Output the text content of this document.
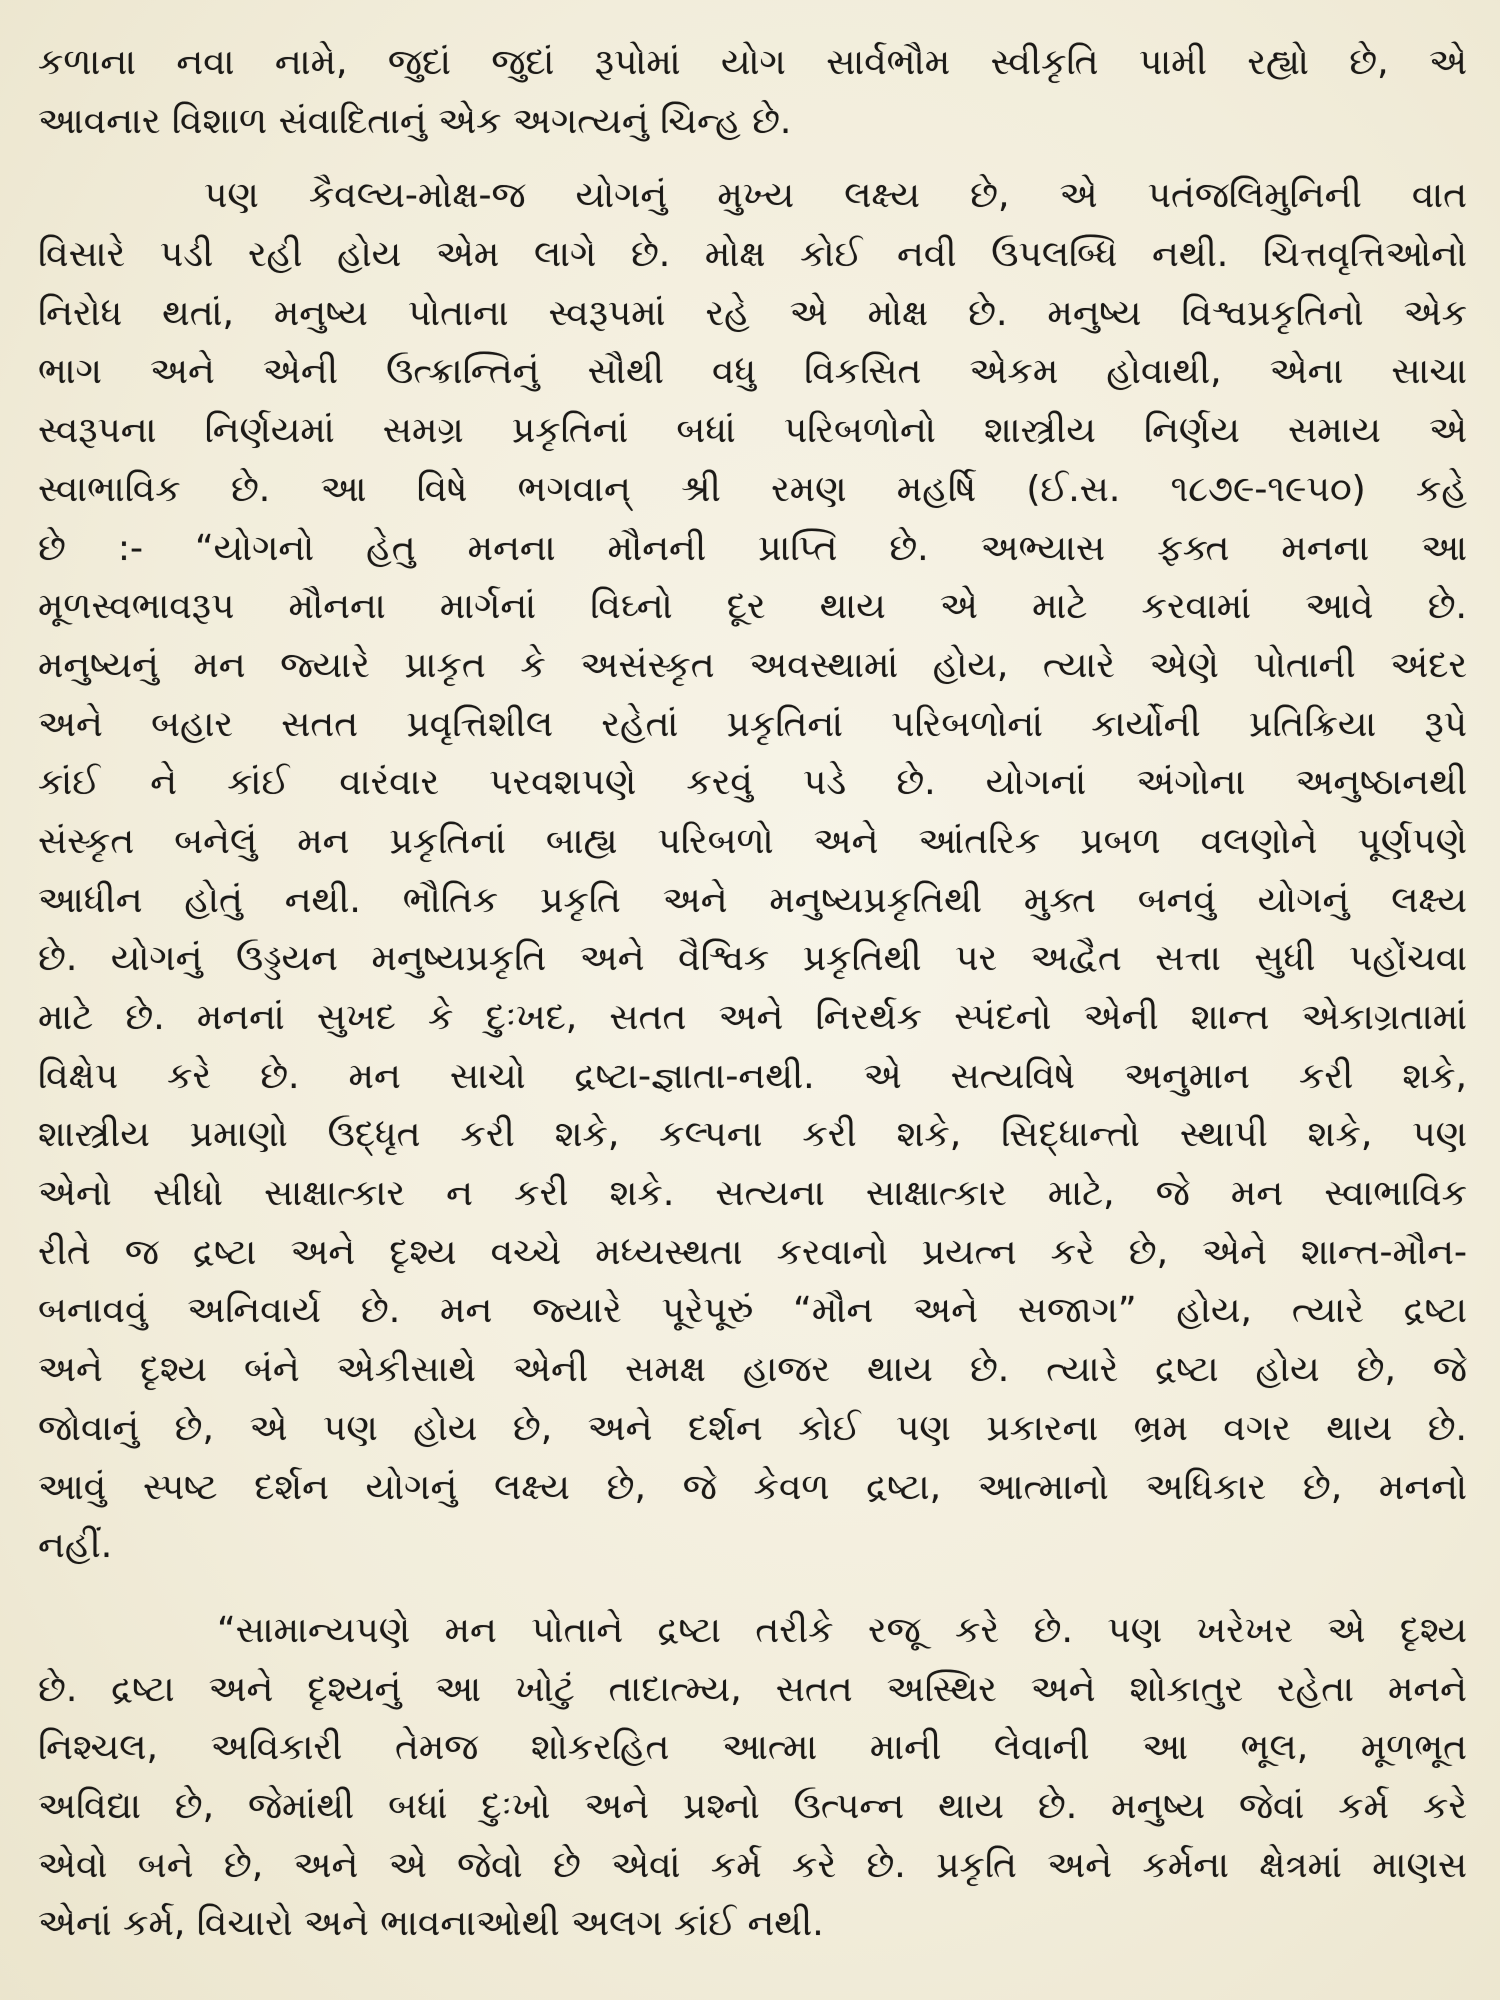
કળાના નવા નામે, જુદાં જુદાં રૂપોમાં યોગ સાર્વભૌમ સ્વીકૃતિ પામી રહ્યો છે, એ
આવનાર વિશાળ સંવાદિતાનું એક અગત્યનું ચિન્હ છે.
પણ કૈવલ્ય-મોક્ષ-જ યોગનું મુખ્ય લક્ષ્ય છે, એ પતંજલિમુનિની વાત
વિસારે પડી રહી હોય એમ લાગે છે. મોક્ષ કોઈ નવી ઉપલબ્ધિ નથી. ચિત્તવૃત્તિઓનો
નિરોધ થતાં, મનુષ્ય પોતાના સ્વરૂપમાં રહે એ મોક્ષ છે. મનુષ્ય વિશ્વપ્રકૃતિનો એક
ભાગ અને એની ઉત્ક્રાન્તિનું સૌથી વધુ વિકસિત એકમ હોવાથી, એના સાચા
સ્વરૂપના નિર્ણયમાં સમગ્ર પ્રકૃતિનાં બધાં પરિબળોનો શાસ્ત્રીય નિર્ણય સમાય એ
સ્વાભાવિક છે. આ વિષે ભગવાન્ શ્રી રમણ મહર્ષિ (ઈ.સ. ૧૮૭૯-૧૯૫૦) કહે
છે :- “યોગનો હેતુ મનના મૌનની પ્રાપ્તિ છે. અભ્યાસ ફક્ત મનના આ
મૂળસ્વભાવરૂપ મૌનના માર્ગનાં વિઘ્નો દૂર થાય એ માટે કરવામાં આવે છે.
મનુષ્યનું મન જ્યારે પ્રાકૃત કે અસંસ્કૃત અવસ્થામાં હોય, ત્યારે એણે પોતાની અંદર
અને બહાર સતત પ્રવૃત્તિશીલ રહેતાં પ્રકૃતિનાં પરિબળોનાં કાર્યોની પ્રતિક્રિયા રૂપે
કાંઈ ને કાંઈ વારંવાર પરવશપણે કરવું પડે છે. યોગનાં અંગોના અનુષ્ઠાનથી
સંસ્કૃત બનેલું મન પ્રકૃતિનાં બાહ્ય પરિબળો અને આંતરિક પ્રબળ વલણોને પૂર્ણપણે
આધીન હોતું નથી. ભૌતિક પ્રકૃતિ અને મનુષ્યપ્રકૃતિથી મુક્ત બનવું યોગનું લક્ષ્ય
છે. યોગનું ઉડ્ડયન મનુષ્યપ્રકૃતિ અને વૈશ્વિક પ્રકૃતિથી પર અદ્વૈત સત્તા સુધી પહોંચવા
માટે છે. મનનાં સુખદ કે દુઃખદ, સતત અને નિરર્થક સ્પંદનો એની શાન્ત એકાગ્રતામાં
વિક્ષેપ કરે છે. મન સાચો દ્રષ્ટા-જ્ઞાતા-નથી. એ સત્યવિષે અનુમાન કરી શકે,
શાસ્ત્રીય પ્રમાણો ઉદ્ધૃત કરી શકે, કલ્પના કરી શકે, સિદ્ધાન્તો સ્થાપી શકે, પણ
એનો સીધો સાક્ષાત્કાર ન કરી શકે. સત્યના સાક્ષાત્કાર માટે, જે મન સ્વાભાવિક
રીતે જ દ્રષ્ટા અને દૃશ્ય વચ્ચે મધ્યસ્થતા કરવાનો પ્રયત્ન કરે છે, એને શાન્ત-મૌન-
બનાવવું અનિવાર્ય છે. મન જ્યારે પૂરેપૂરું “મૌન અને સજાગ” હોય, ત્યારે દ્રષ્ટા
અને દૃશ્ય બંને એકીસાથે એની સમક્ષ હાજર થાય છે. ત્યારે દ્રષ્ટા હોય છે, જે
જોવાનું છે, એ પણ હોય છે, અને દર્શન કોઈ પણ પ્રકારના ભ્રમ વગર થાય છે.
આવું સ્પષ્ટ દર્શન યોગનું લક્ષ્ય છે, જે કેવળ દ્રષ્ટા, આત્માનો અધિકાર છે, મનનો
નહીં.
“સામાન્યપણે મન પોતાને દ્રષ્ટા તરીકે રજૂ કરે છે. પણ ખરેખર એ દૃશ્ય
છે. દ્રષ્ટા અને દૃશ્યનું આ ખોટું તાદાત્મ્ય, સતત અસ્થિર અને શોકાતુર રહેતા મનને
નિશ્ચલ, અવિકારી તેમજ શોકરહિત આત્મા માની લેવાની આ ભૂલ, મૂળભૂત
અવિદ્યા છે, જેમાંથી બધાં દુઃખો અને પ્રશ્નો ઉત્પન્ન થાય છે. મનુષ્ય જેવાં કર્મ કરે
એવો બને છે, અને એ જેવો છે એવાં કર્મ કરે છે. પ્રકૃતિ અને કર્મના ક્ષેત્રમાં માણસ
એનાં કર્મ, વિચારો અને ભાવનાઓથી અલગ કાંઈ નથી.
